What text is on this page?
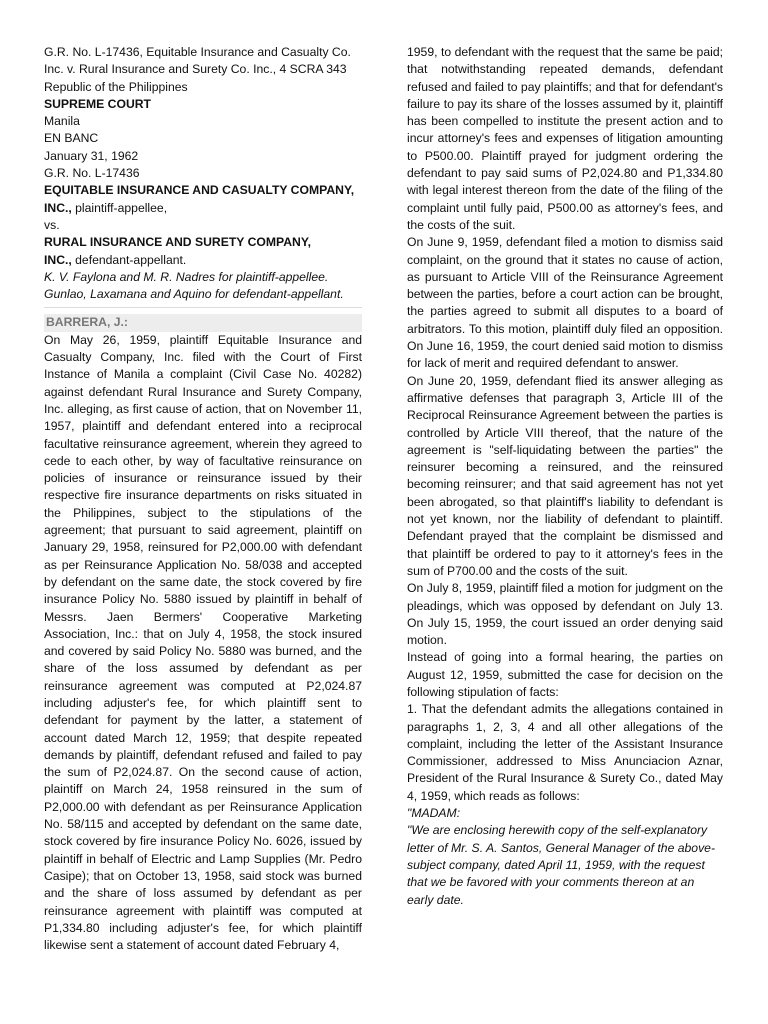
G.R. No. L-17436, Equitable Insurance and Casualty Co.
Inc. v. Rural Insurance and Surety Co. Inc., 4 SCRA 343
Republic of the Philippines
SUPREME COURT
Manila
EN BANC
January 31, 1962
G.R. No. L-17436
EQUITABLE INSURANCE AND CASUALTY COMPANY,
INC., plaintiff-appellee,
vs.
RURAL INSURANCE AND SURETY COMPANY,
INC., defendant-appellant.
K. V. Faylona and M. R. Nadres for plaintiff-appellee.
Gunlao, Laxamana and Aquino for defendant-appellant.
BARRERA, J.:
On May 26, 1959, plaintiff Equitable Insurance and Casualty Company, Inc. filed with the Court of First Instance of Manila a complaint (Civil Case No. 40282) against defendant Rural Insurance and Surety Company, Inc. alleging, as first cause of action, that on November 11, 1957, plaintiff and defendant entered into a reciprocal facultative reinsurance agreement, wherein they agreed to cede to each other, by way of facultative reinsurance on policies of insurance or reinsurance issued by their respective fire insurance departments on risks situated in the Philippines, subject to the stipulations of the agreement; that pursuant to said agreement, plaintiff on January 29, 1958, reinsured for P2,000.00 with defendant as per Reinsurance Application No. 58/038 and accepted by defendant on the same date, the stock covered by fire insurance Policy No. 5880 issued by plaintiff in behalf of Messrs. Jaen Bermers' Cooperative Marketing Association, Inc.: that on July 4, 1958, the stock insured and covered by said Policy No. 5880 was burned, and the share of the loss assumed by defendant as per reinsurance agreement was computed at P2,024.87 including adjuster's fee, for which plaintiff sent to defendant for payment by the latter, a statement of account dated March 12, 1959; that despite repeated demands by plaintiff, defendant refused and failed to pay the sum of P2,024.87. On the second cause of action, plaintiff on March 24, 1958 reinsured in the sum of P2,000.00 with defendant as per Reinsurance Application No. 58/115 and accepted by defendant on the same date, stock covered by fire insurance Policy No. 6026, issued by plaintiff in behalf of Electric and Lamp Supplies (Mr. Pedro Casipe); that on October 13, 1958, said stock was burned and the share of loss assumed by defendant as per reinsurance agreement with plaintiff was computed at P1,334.80 including adjuster's fee, for which plaintiff likewise sent a statement of account dated February 4,
1959, to defendant with the request that the same be paid; that notwithstanding repeated demands, defendant refused and failed to pay plaintiffs; and that for defendant's failure to pay its share of the losses assumed by it, plaintiff has been compelled to institute the present action and to incur attorney's fees and expenses of litigation amounting to P500.00. Plaintiff prayed for judgment ordering the defendant to pay said sums of P2,024.80 and P1,334.80 with legal interest thereon from the date of the filing of the complaint until fully paid, P500.00 as attorney's fees, and the costs of the suit.
On June 9, 1959, defendant filed a motion to dismiss said complaint, on the ground that it states no cause of action, as pursuant to Article VIII of the Reinsurance Agreement between the parties, before a court action can be brought, the parties agreed to submit all disputes to a board of arbitrators. To this motion, plaintiff duly filed an opposition. On June 16, 1959, the court denied said motion to dismiss for lack of merit and required defendant to answer.
On June 20, 1959, defendant flied its answer alleging as affirmative defenses that paragraph 3, Article III of the Reciprocal Reinsurance Agreement between the parties is controlled by Article VIII thereof, that the nature of the agreement is "self-liquidating between the parties" the reinsurer becoming a reinsured, and the reinsured becoming reinsurer; and that said agreement has not yet been abrogated, so that plaintiff's liability to defendant is not yet known, nor the liability of defendant to plaintiff. Defendant prayed that the complaint be dismissed and that plaintiff be ordered to pay to it attorney's fees in the sum of P700.00 and the costs of the suit.
On July 8, 1959, plaintiff filed a motion for judgment on the pleadings, which was opposed by defendant on July 13. On July 15, 1959, the court issued an order denying said motion.
Instead of going into a formal hearing, the parties on August 12, 1959, submitted the case for decision on the following stipulation of facts:
1. That the defendant admits the allegations contained in paragraphs 1, 2, 3, 4 and all other allegations of the complaint, including the letter of the Assistant Insurance Commissioner, addressed to Miss Anunciacion Aznar, President of the Rural Insurance & Surety Co., dated May 4, 1959, which reads as follows:
"MADAM:
"We are enclosing herewith copy of the self-explanatory letter of Mr. S. A. Santos, General Manager of the above-subject company, dated April 11, 1959, with the request that we be favored with your comments thereon at an early date.
